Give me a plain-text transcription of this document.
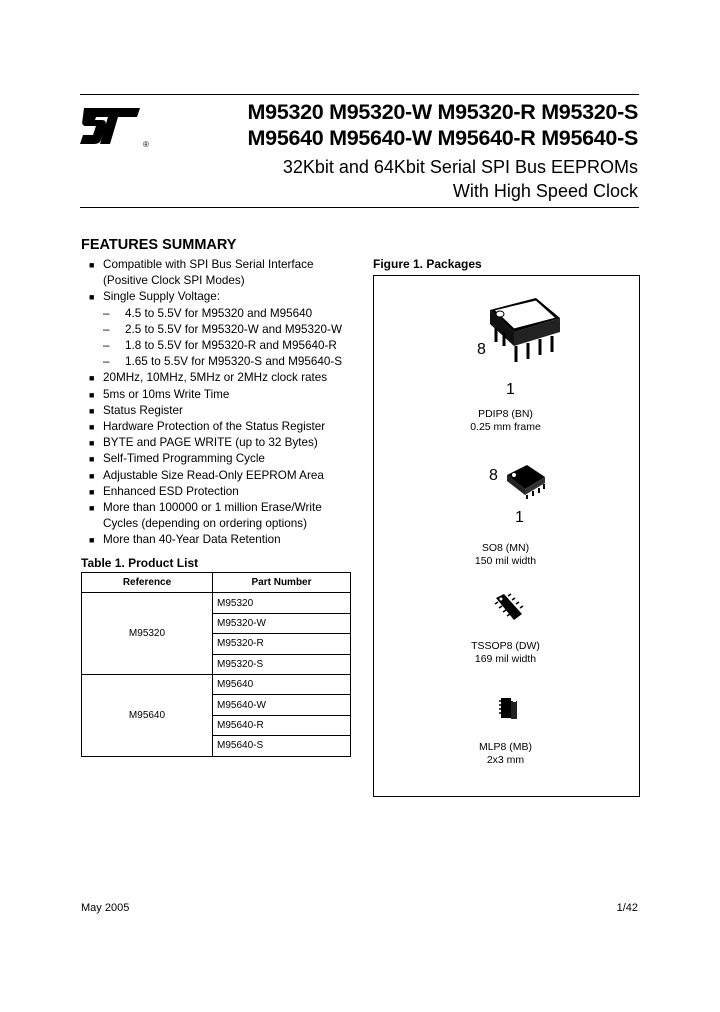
®
M95320 M95320-W M95320-R M95320-S
M95640 M95640-W M95640-R M95640-S
32Kbit and 64Kbit Serial SPI Bus EEPROMs
With High Speed Clock
FEATURES SUMMARY
■ Compatible with SPI Bus Serial Interface
(Positive Clock SPI Modes)
■ Single Supply Voltage:
– 4.5 to 5.5V for M95320 and M95640
– 2.5 to 5.5V for M95320-W and M95320-W
– 1.8 to 5.5V for M95320-R and M95640-R
– 1.65 to 5.5V for M95320-S and M95640-S
■ 20MHz, 10MHz, 5MHz or 2MHz clock rates
■ 5ms or 10ms Write Time
■ Status Register
■ Hardware Protection of the Status Register
■ BYTE and PAGE WRITE (up to 32 Bytes)
■ Self-Timed Programming Cycle
■ Adjustable Size Read-Only EEPROM Area
■ Enhanced ESD Protection
■ More than 100000 or 1 million Erase/Write
Cycles (depending on ordering options)
■ More than 40-Year Data Retention
Table 1. Product List
Reference	Part Number
M95320	M95320
	M95320-W
	M95320-R
	M95320-S
M95640	M95640
	M95640-W
	M95640-R
	M95640-S
Figure 1. Packages
8
1
PDIP8 (BN)
0.25 mm frame
8
1
SO8 (MN)
150 mil width
TSSOP8 (DW)
169 mil width
MLP8 (MB)
2x3 mm
May 2005	1/42
